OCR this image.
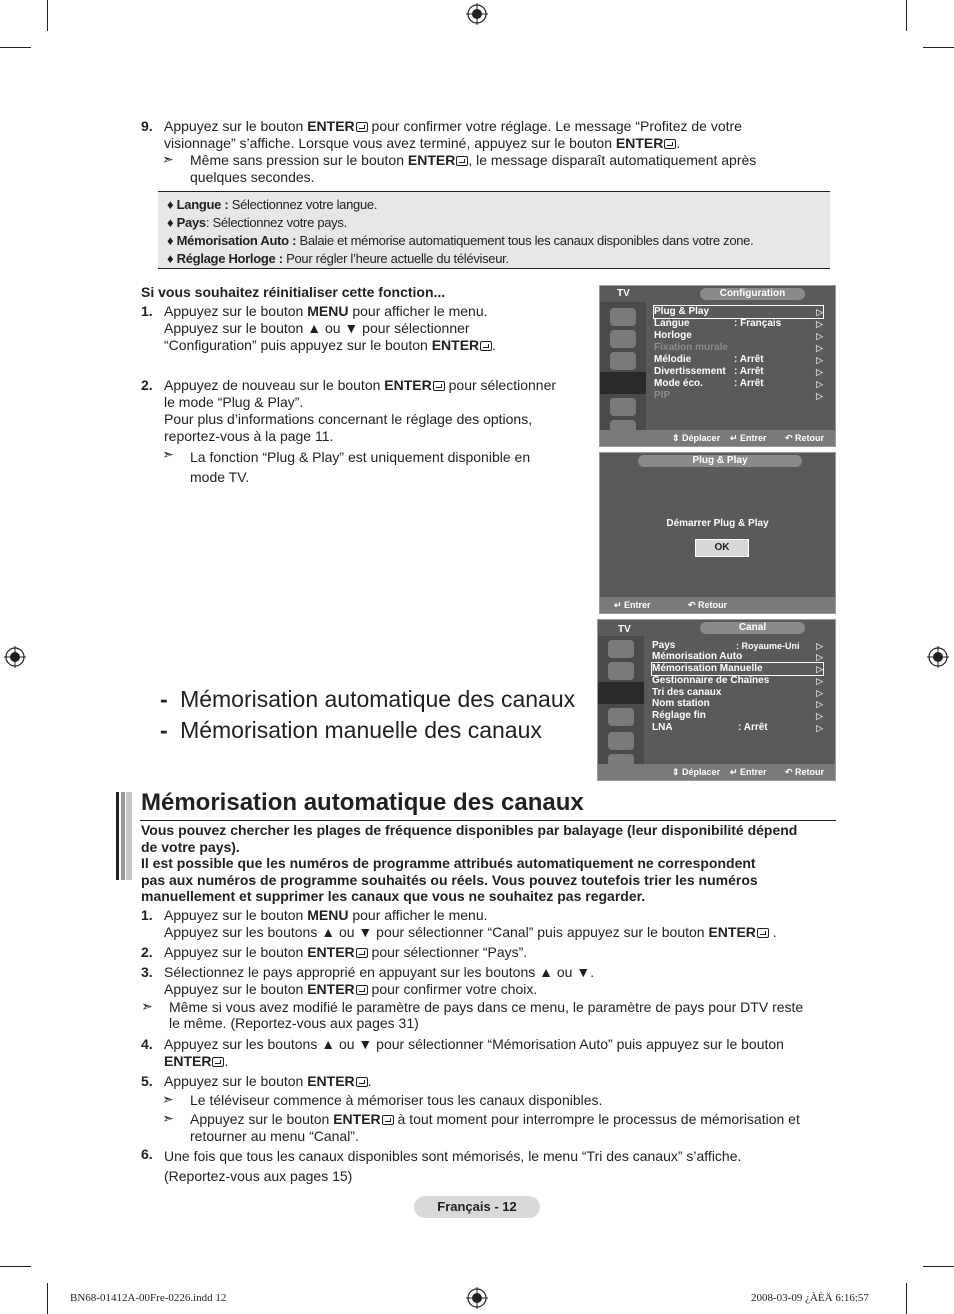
9. Appuyez sur le bouton ENTER pour confirmer votre réglage. Le message “Profitez de votre
visionnage” s’affiche. Lorsque vous avez terminé, appuyez sur le bouton ENTER .
➣ Même sans pression sur le bouton ENTER , le message disparaît automatiquement après
quelques secondes.
♦ Langue : Sélectionnez votre langue.
♦ Pays: Sélectionnez votre pays.
♦ Mémorisation Auto : Balaie et mémorise automatiquement tous les canaux disponibles dans votre zone.
♦ Réglage Horloge : Pour régler l’heure actuelle du téléviseur.
Si vous souhaitez réinitialiser cette fonction...
1. Appuyez sur le bouton MENU pour afficher le menu.
Appuyez sur le bouton ▲ ou ▼ pour sélectionner
“Configuration” puis appuyez sur le bouton ENTER .
2. Appuyez de nouveau sur le bouton ENTER pour sélectionner
le mode “Plug & Play”.
Pour plus d’informations concernant le réglage des options,
reportez-vous à la page 11.
➣ La fonction “Plug & Play” est uniquement disponible en
mode TV.
TV	Configuration
Plug & Play	▷
Langue	: Français	▷
Horloge	▷
Fixation murale	▷
Mélodie	: Arrêt	▷
Divertissement : Arrêt	▷
Mode éco.	: Arrêt	▷
PIP	▷
⇕ Déplacer ↵ Entrer ↶ Retour
Plug & Play
Démarrer Plug & Play
OK
↵ Entrer	↶ Retour
TV	Canal
Pays	: Royaume-Uni ▷
Mémorisation Auto	▷
Mémorisation Manuelle	▷
Gestionnaire de Chaînes	▷
Tri des canaux	▷
Nom station	▷
Réglage fin	▷
LNA	: Arrêt	▷
⇕ Déplacer ↵ Entrer ↶ Retour
- Mémorisation automatique des canaux
- Mémorisation manuelle des canaux
Mémorisation automatique des canaux
Vous pouvez chercher les plages de fréquence disponibles par balayage (leur disponibilité dépend
de votre pays).
Il est possible que les numéros de programme attribués automatiquement ne correspondent
pas aux numéros de programme souhaités ou réels. Vous pouvez toutefois trier les numéros
manuellement et supprimer les canaux que vous ne souhaitez pas regarder.
1. Appuyez sur le bouton MENU pour afficher le menu.
Appuyez sur les boutons ▲ ou ▼ pour sélectionner “Canal” puis appuyez sur le bouton ENTER .
2. Appuyez sur le bouton ENTER pour sélectionner “Pays”.
3. Sélectionnez le pays approprié en appuyant sur les boutons ▲ ou ▼.
Appuyez sur le bouton ENTER pour confirmer votre choix.
➣ Même si vous avez modifié le paramètre de pays dans ce menu, le paramètre de pays pour DTV reste
le même. (Reportez-vous aux pages 31)
4. Appuyez sur les boutons ▲ ou ▼ pour sélectionner “Mémorisation Auto” puis appuyez sur le bouton
ENTER .
5. Appuyez sur le bouton ENTER .
➣ Le téléviseur commence à mémoriser tous les canaux disponibles.
➣ Appuyez sur le bouton ENTER à tout moment pour interrompre le processus de mémorisation et
retourner au menu “Canal”.
6. Une fois que tous les canaux disponibles sont mémorisés, le menu “Tri des canaux” s’affiche.
(Reportez-vous aux pages 15)
Français - 12
BN68-01412A-00Fre-0226.indd 12	2008-03-09 ¿ÀÈÄ 6:16:57
